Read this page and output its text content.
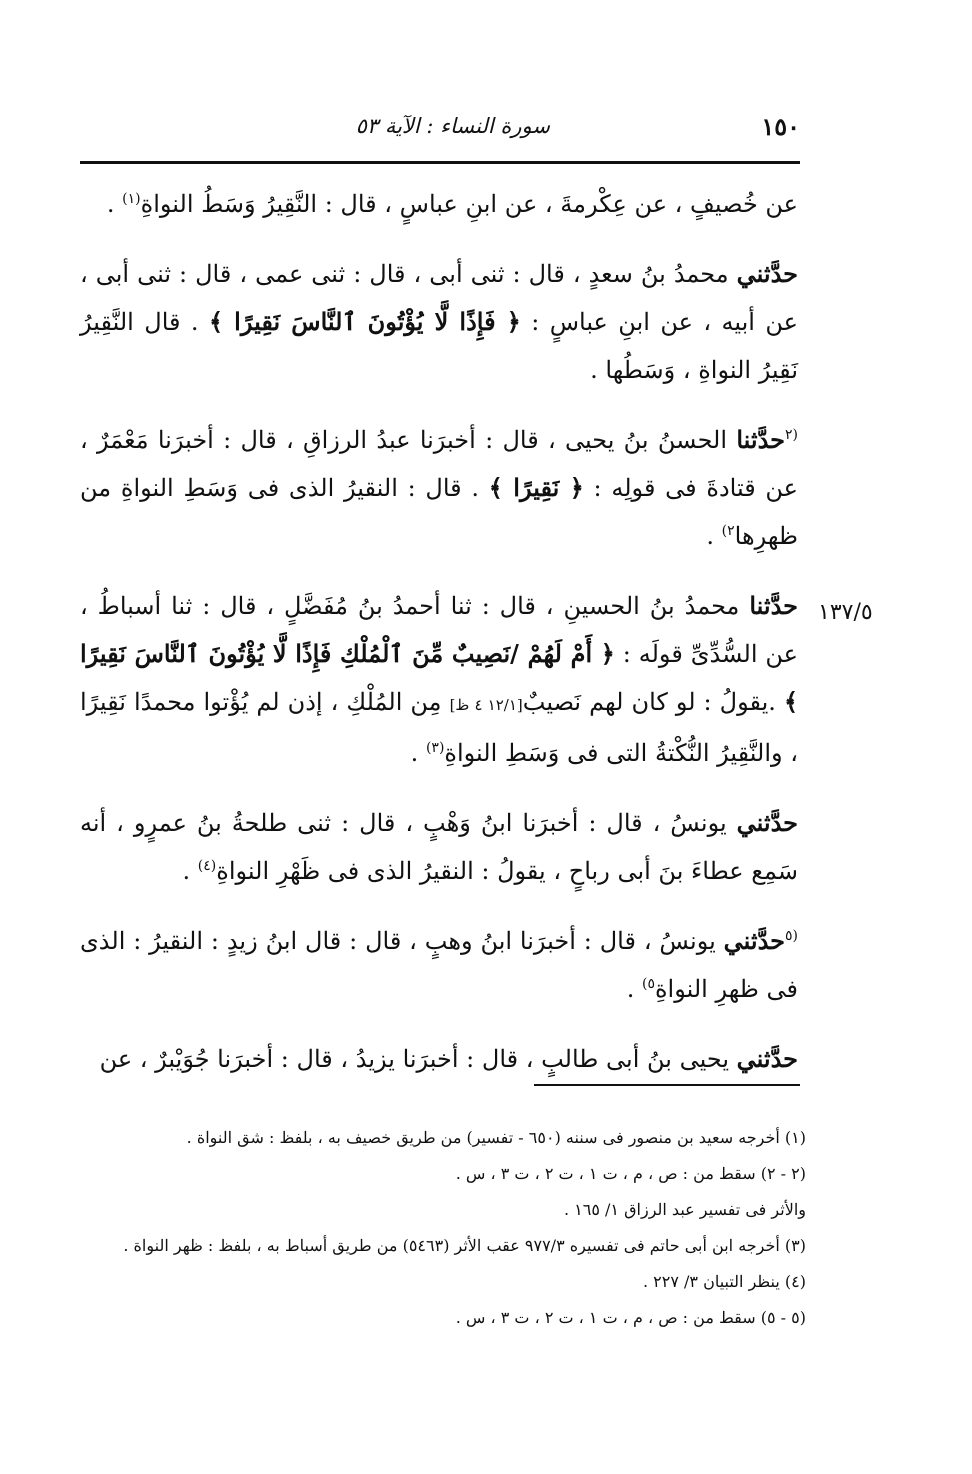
١٥٠
سورة النساء : الآية ٥٣
١٣٧/٥

عن خُصيفٍ ، عن عِكْرمةَ ، عن ابنِ عباسٍ ، قال : النَّقِيرُ وَسَطُ النواةِ$^{(١)}$ .

حدَّثني محمدُ بنُ سعدٍ ، قال : ثنى أبى ، قال : ثنى عمى ، قال : ثنى أبى ، عن أبيه ، عن ابنِ عباسٍ : ﴿ فَإِذًا لَّا يُؤْتُونَ ٱلنَّاسَ نَقِيرًا ﴾ . قال النَّقِيرُ نَقِيرُ النواةِ ، وَسَطُها .

$^{(٢}$حدَّثنا الحسنُ بنُ يحيى ، قال : أخبرَنا عبدُ الرزاقِ ، قال : أخبرَنا مَعْمَرٌ ، عن قتادةَ فى قولِه : ﴿ نَقِيرًا ﴾ . قال : النقيرُ الذى فى وَسَطِ النواةِ من ظهرِها$^{٢)}$ .

حدَّثنا محمدُ بنُ الحسينِ ، قال : ثنا أحمدُ بنُ مُفَضَّلٍ ، قال : ثنا أسباطُ ، عن السُّدِّىِّ قولَه : ﴿ أَمْ لَهُمْ /نَصِيبٌ مِّنَ ٱلْمُلْكِ فَإِذًا لَّا يُؤْتُونَ ٱلنَّاسَ نَقِيرًا ﴾ .يقولُ : لو كان لهم نَصيبٌ[١٢/١ ٤ ظ] مِن المُلْكِ ، إذن لم يُؤْتوا محمدًا نَقِيرًا ، والنَّقِيرُ النُّكْتةُ التى فى وَسَطِ النواةِ$^{(٣)}$ .

حدَّثني يونسُ ، قال : أخبرَنا ابنُ وَهْبٍ ، قال : ثنى طلحةُ بنُ عمرٍو ، أنه سَمِع عطاءَ بنَ أبى رباحٍ ، يقولُ : النقيرُ الذى فى ظَهْرِ النواةِ$^{(٤)}$ .

$^{(٥}$حدَّثني يونسُ ، قال : أخبرَنا ابنُ وهبٍ ، قال : قال ابنُ زيدٍ : النقيرُ : الذى فى ظهرِ النواةِ$^{٥)}$ .

حدَّثني يحيى بنُ أبى طالبٍ ، قال : أخبرَنا يزيدُ ، قال : أخبرَنا جُوَيْبرٌ ، عن

(١) أخرجه سعيد بن منصور فى سننه (٦٥٠ - تفسير) من طريق خصيف به ، بلفظ : شق النواة .
(٢ - ٢) سقط من : ص ، م ، ت ١ ، ت ٢ ، ت ٣ ، س .
والأثر فى تفسير عبد الرزاق ١/ ١٦٥ .
(٣) أخرجه ابن أبى حاتم فى تفسيره ٩٧٧/٣ عقب الأثر (٥٤٦٣) من طريق أسباط به ، بلفظ : ظهر النواة .
(٤) ينظر التبيان ٣/ ٢٢٧ .
(٥ - ٥) سقط من : ص ، م ، ت ١ ، ت ٢ ، ت ٣ ، س .
